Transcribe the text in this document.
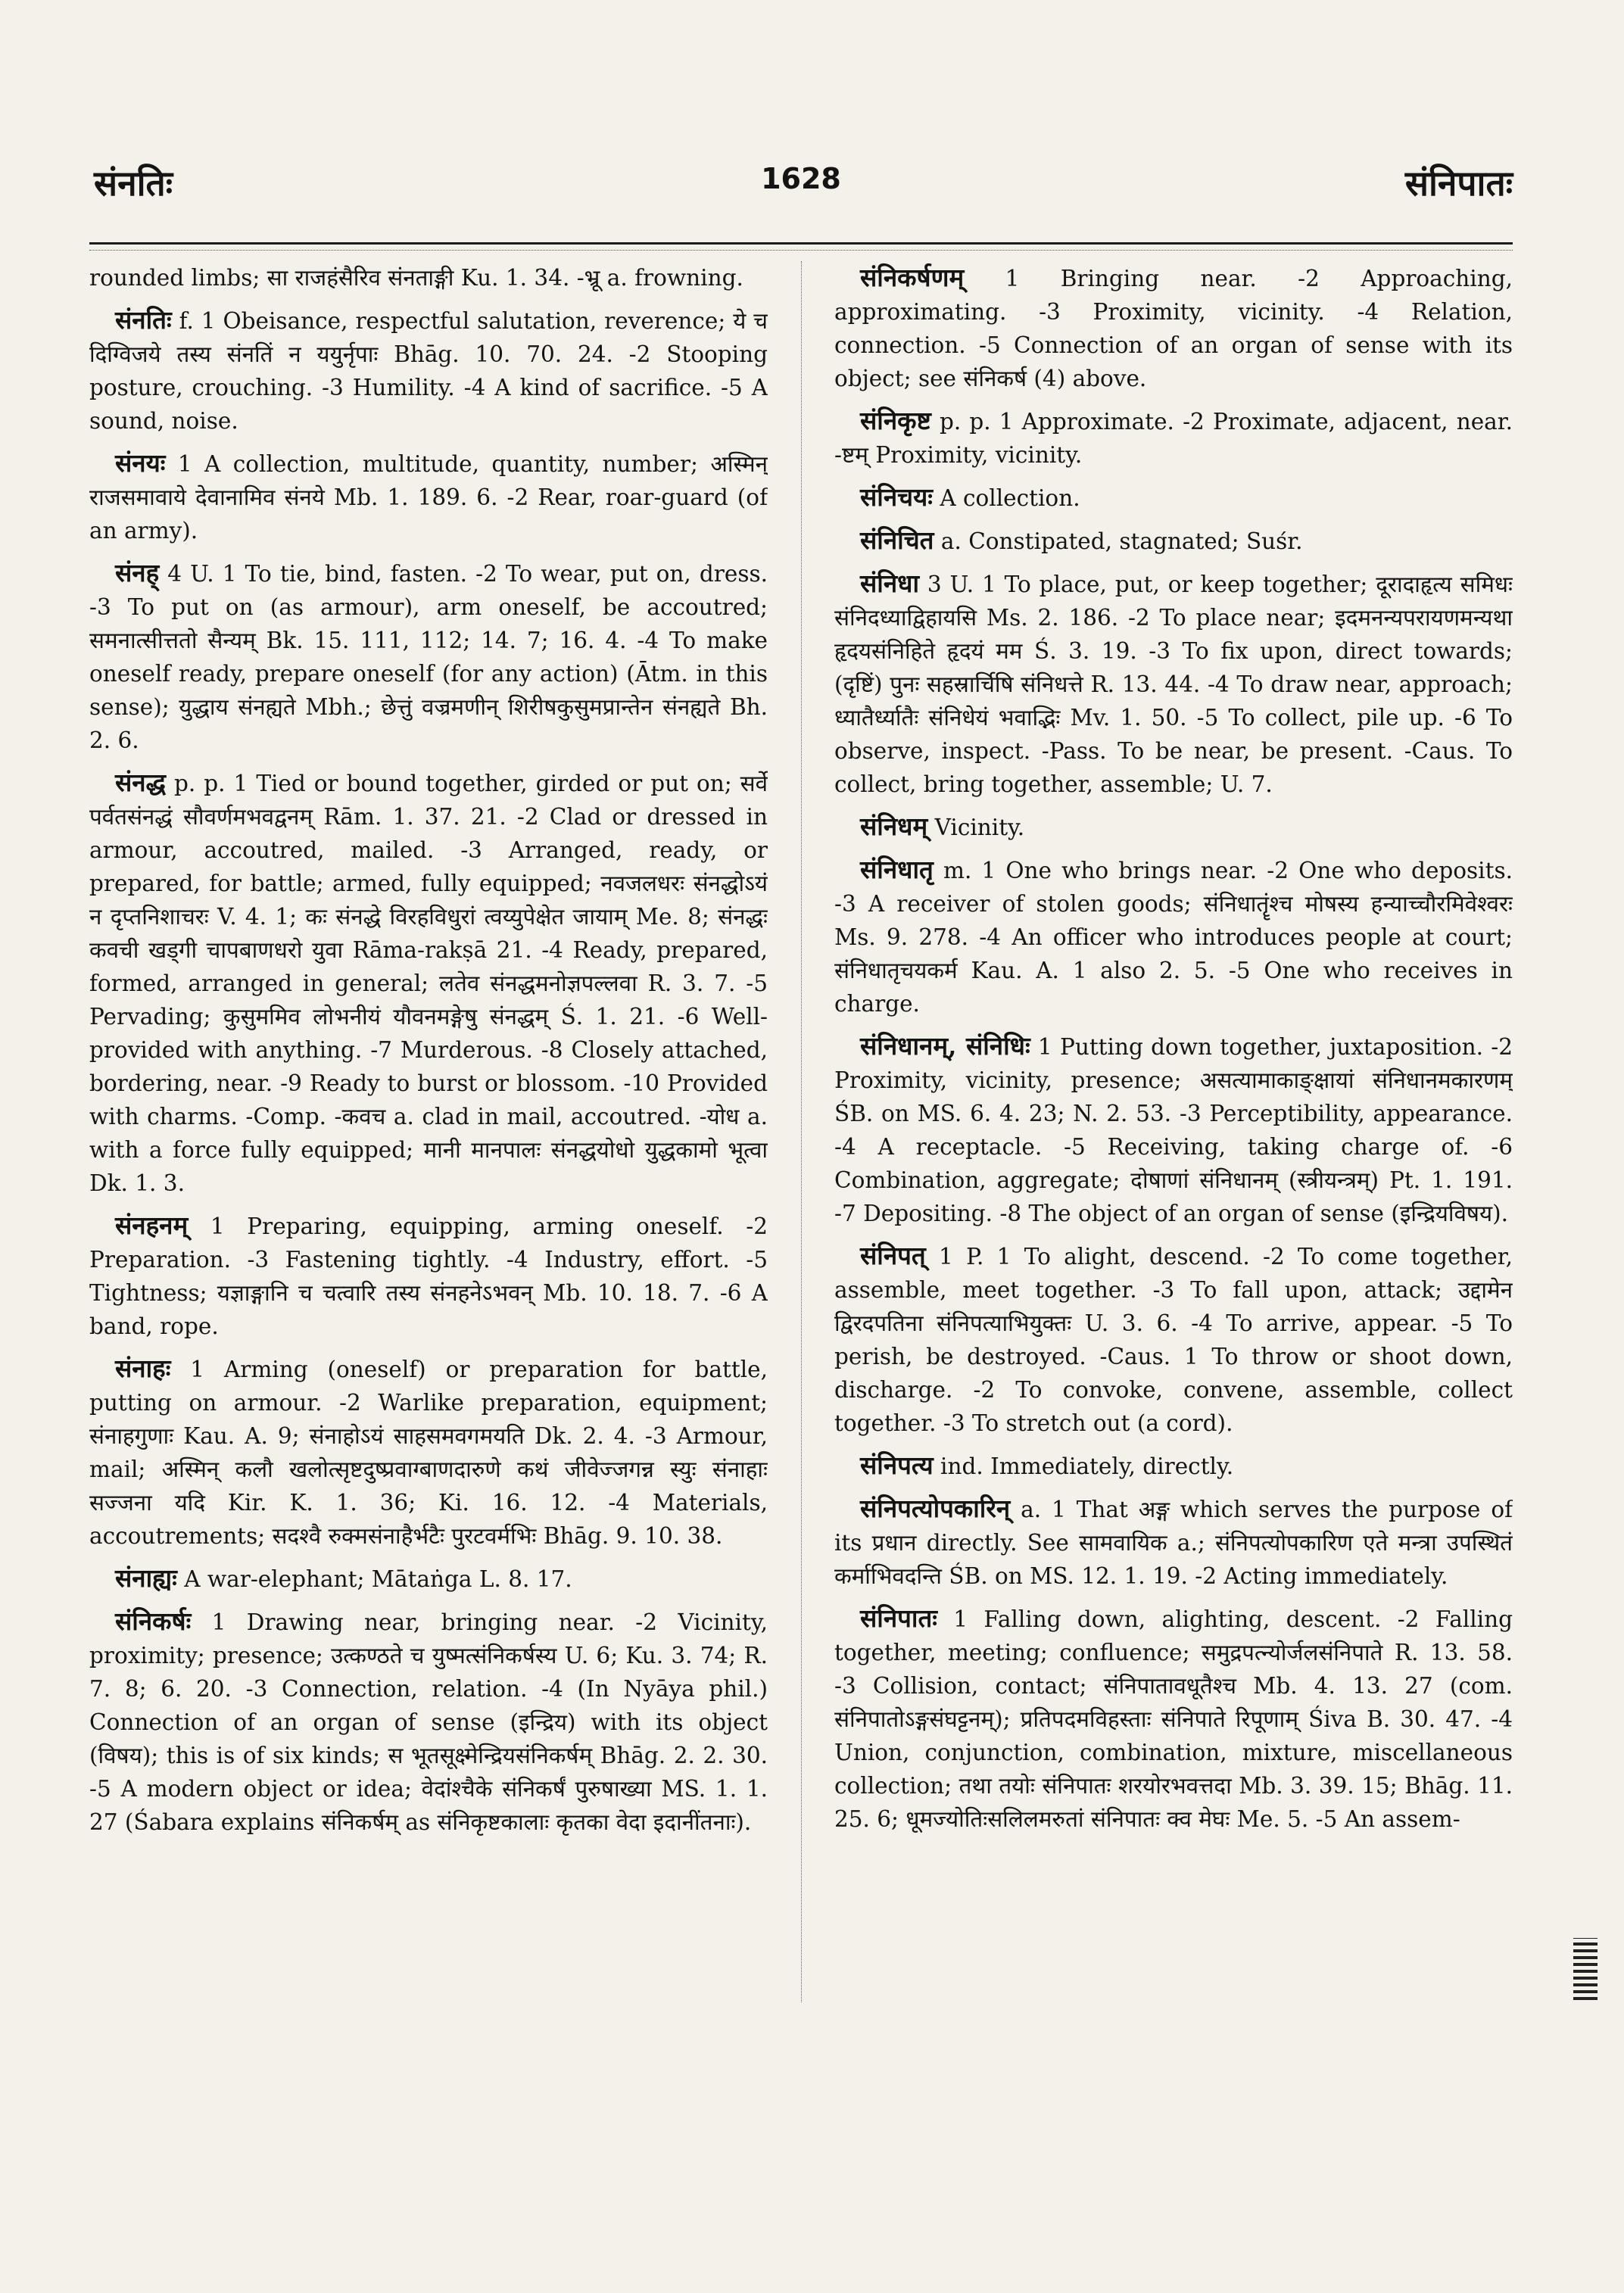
संनतिः	1628	संनिपातः

rounded limbs; सा राजहंसैरिव संनताङ्गी Ku. 1. 34. -भ्रू a. frowning.

संनतिः f. 1 Obeisance, respectful salutation, reverence; ये च दिग्विजये तस्य संनतिं न ययुर्नृपाः Bhāg. 10. 70. 24. -2 Stooping posture, crouching. -3 Humility. -4 A kind of sacrifice. -5 A sound, noise.

संनयः 1 A collection, multitude, quantity, number; अस्मिन् राजसमावाये देवानामिव संनये Mb. 1. 189. 6. -2 Rear, roar-guard (of an army).

संनह् 4 U. 1 To tie, bind, fasten. -2 To wear, put on, dress. -3 To put on (as armour), arm oneself, be accoutred; समनात्सीत्ततो सैन्यम् Bk. 15. 111, 112; 14. 7; 16. 4. -4 To make oneself ready, prepare oneself (for any action) (Ātm. in this sense); युद्धाय संनह्यते Mbh.; छेत्तुं वज्रमणीन् शिरीषकुसुमप्रान्तेन संनह्यते Bh. 2. 6.

संनद्ध p. p. 1 Tied or bound together, girded or put on; सर्वे पर्वतसंनद्धं सौवर्णमभवद्वनम् Rām. 1. 37. 21. -2 Clad or dressed in armour, accoutred, mailed. -3 Arranged, ready, or prepared, for battle; armed, fully equipped; नवजलधरः संनद्धोऽयं न दृप्तनिशाचरः V. 4. 1; कः संनद्धे विरहविधुरां त्वय्युपेक्षेत जायाम् Me. 8; संनद्धः कवची खड्गी चापबाणधरो युवा Rāma-rakṣā 21. -4 Ready, prepared, formed, arranged in general; लतेव संनद्धमनोज्ञपल्लवा R. 3. 7. -5 Pervading; कुसुममिव लोभनीयं यौवनमङ्गेषु संनद्धम् Ś. 1. 21. -6 Well-provided with anything. -7 Murderous. -8 Closely attached, bordering, near. -9 Ready to burst or blossom. -10 Provided with charms. -Comp. -कवच a. clad in mail, accoutred. -योध a. with a force fully equipped; मानी मानपालः संनद्धयोधो युद्धकामो भूत्वा Dk. 1. 3.

संनहनम् 1 Preparing, equipping, arming oneself. -2 Preparation. -3 Fastening tightly. -4 Industry, effort. -5 Tightness; यज्ञाङ्गानि च चत्वारि तस्य संनहनेऽभवन् Mb. 10. 18. 7. -6 A band, rope.

संनाहः 1 Arming (oneself) or preparation for battle, putting on armour. -2 Warlike preparation, equipment; संनाहगुणाः Kau. A. 9; संनाहोऽयं साहसमवगमयति Dk. 2. 4. -3 Armour, mail; अस्मिन् कलौ खलोत्सृष्टदुष्प्रवाग्बाणदारुणे कथं जीवेज्जगन्न स्युः संनाहाः सज्जना यदि Kir. K. 1. 36; Ki. 16. 12. -4 Materials, accoutrements; सदश्वै रुक्मसंनाहैर्भटैः पुरटवर्मभिः Bhāg. 9. 10. 38.

संनाह्यः A war-elephant; Mātaṅga L. 8. 17.

संनिकर्षः 1 Drawing near, bringing near. -2 Vicinity, proximity; presence; उत्कण्ठते च युष्मत्संनिकर्षस्य U. 6; Ku. 3. 74; R. 7. 8; 6. 20. -3 Connection, relation. -4 (In Nyāya phil.) Connection of an organ of sense (इन्द्रिय) with its object (विषय); this is of six kinds; स भूतसूक्ष्मेन्द्रियसंनिकर्षम् Bhāg. 2. 2. 30. -5 A modern object or idea; वेदांश्चैके संनिकर्षं पुरुषाख्या MS. 1. 1. 27 (Śabara explains संनिकर्षम् as संनिकृष्टकालाः कृतका वेदा इदानींतनाः).

संनिकर्षणम् 1 Bringing near. -2 Approaching, approximating. -3 Proximity, vicinity. -4 Relation, connection. -5 Connection of an organ of sense with its object; see संनिकर्ष (4) above.

संनिकृष्ट p. p. 1 Approximate. -2 Proximate, adjacent, near. -ष्टम् Proximity, vicinity.

संनिचयः A collection.

संनिचित a. Constipated, stagnated; Suśr.

संनिधा 3 U. 1 To place, put, or keep together; दूरादाहृत्य समिधः संनिदध्याद्विहायसि Ms. 2. 186. -2 To place near; इदमनन्यपरायणमन्यथा हृदयसंनिहिते हृदयं मम Ś. 3. 19. -3 To fix upon, direct towards; (दृष्टिं) पुनः सहस्रार्चिषि संनिधत्ते R. 13. 44. -4 To draw near, approach; ध्यातैर्ध्यातैः संनिधेयं भवाद्भिः Mv. 1. 50. -5 To collect, pile up. -6 To observe, inspect. -Pass. To be near, be present. -Caus. To collect, bring together, assemble; U. 7.

संनिधम् Vicinity.

संनिधातृ m. 1 One who brings near. -2 One who deposits. -3 A receiver of stolen goods; संनिधातॄंश्च मोषस्य हन्याच्चौरमिवेश्वरः Ms. 9. 278. -4 An officer who introduces people at court; संनिधातृचयकर्म Kau. A. 1 also 2. 5. -5 One who receives in charge.

संनिधानम्, संनिधिः 1 Putting down together, juxtaposition. -2 Proximity, vicinity, presence; असत्यामाकाङ्क्षायां संनिधानमकारणम् ŚB. on MS. 6. 4. 23; N. 2. 53. -3 Perceptibility, appearance. -4 A receptacle. -5 Receiving, taking charge of. -6 Combination, aggregate; दोषाणां संनिधानम् (स्त्रीयन्त्रम्) Pt. 1. 191. -7 Depositing. -8 The object of an organ of sense (इन्द्रियविषय).

संनिपत् 1 P. 1 To alight, descend. -2 To come together, assemble, meet together. -3 To fall upon, attack; उद्दामेन द्विरदपतिना संनिपत्याभियुक्तः U. 3. 6. -4 To arrive, appear. -5 To perish, be destroyed. -Caus. 1 To throw or shoot down, discharge. -2 To convoke, convene, assemble, collect together. -3 To stretch out (a cord).

संनिपत्य ind. Immediately, directly.

संनिपत्योपकारिन् a. 1 That अङ्ग which serves the purpose of its प्रधान directly. See सामवायिक a.; संनिपत्योपकारिण एते मन्त्रा उपस्थितं कर्माभिवदन्ति ŚB. on MS. 12. 1. 19. -2 Acting immediately.

संनिपातः 1 Falling down, alighting, descent. -2 Falling together, meeting; confluence; समुद्रपत्न्योर्जलसंनिपाते R. 13. 58. -3 Collision, contact; संनिपातावधूतैश्च Mb. 4. 13. 27 (com. संनिपातोऽङ्गसंघट्टनम्); प्रतिपदमविहस्ताः संनिपाते रिपूणाम् Śiva B. 30. 47. -4 Union, conjunction, combination, mixture, miscellaneous collection; तथा तयोः संनिपातः शरयोरभवत्तदा Mb. 3. 39. 15; Bhāg. 11. 25. 6; धूमज्योतिःसलिलमरुतां संनिपातः क्व मेघः Me. 5. -5 An assem-
